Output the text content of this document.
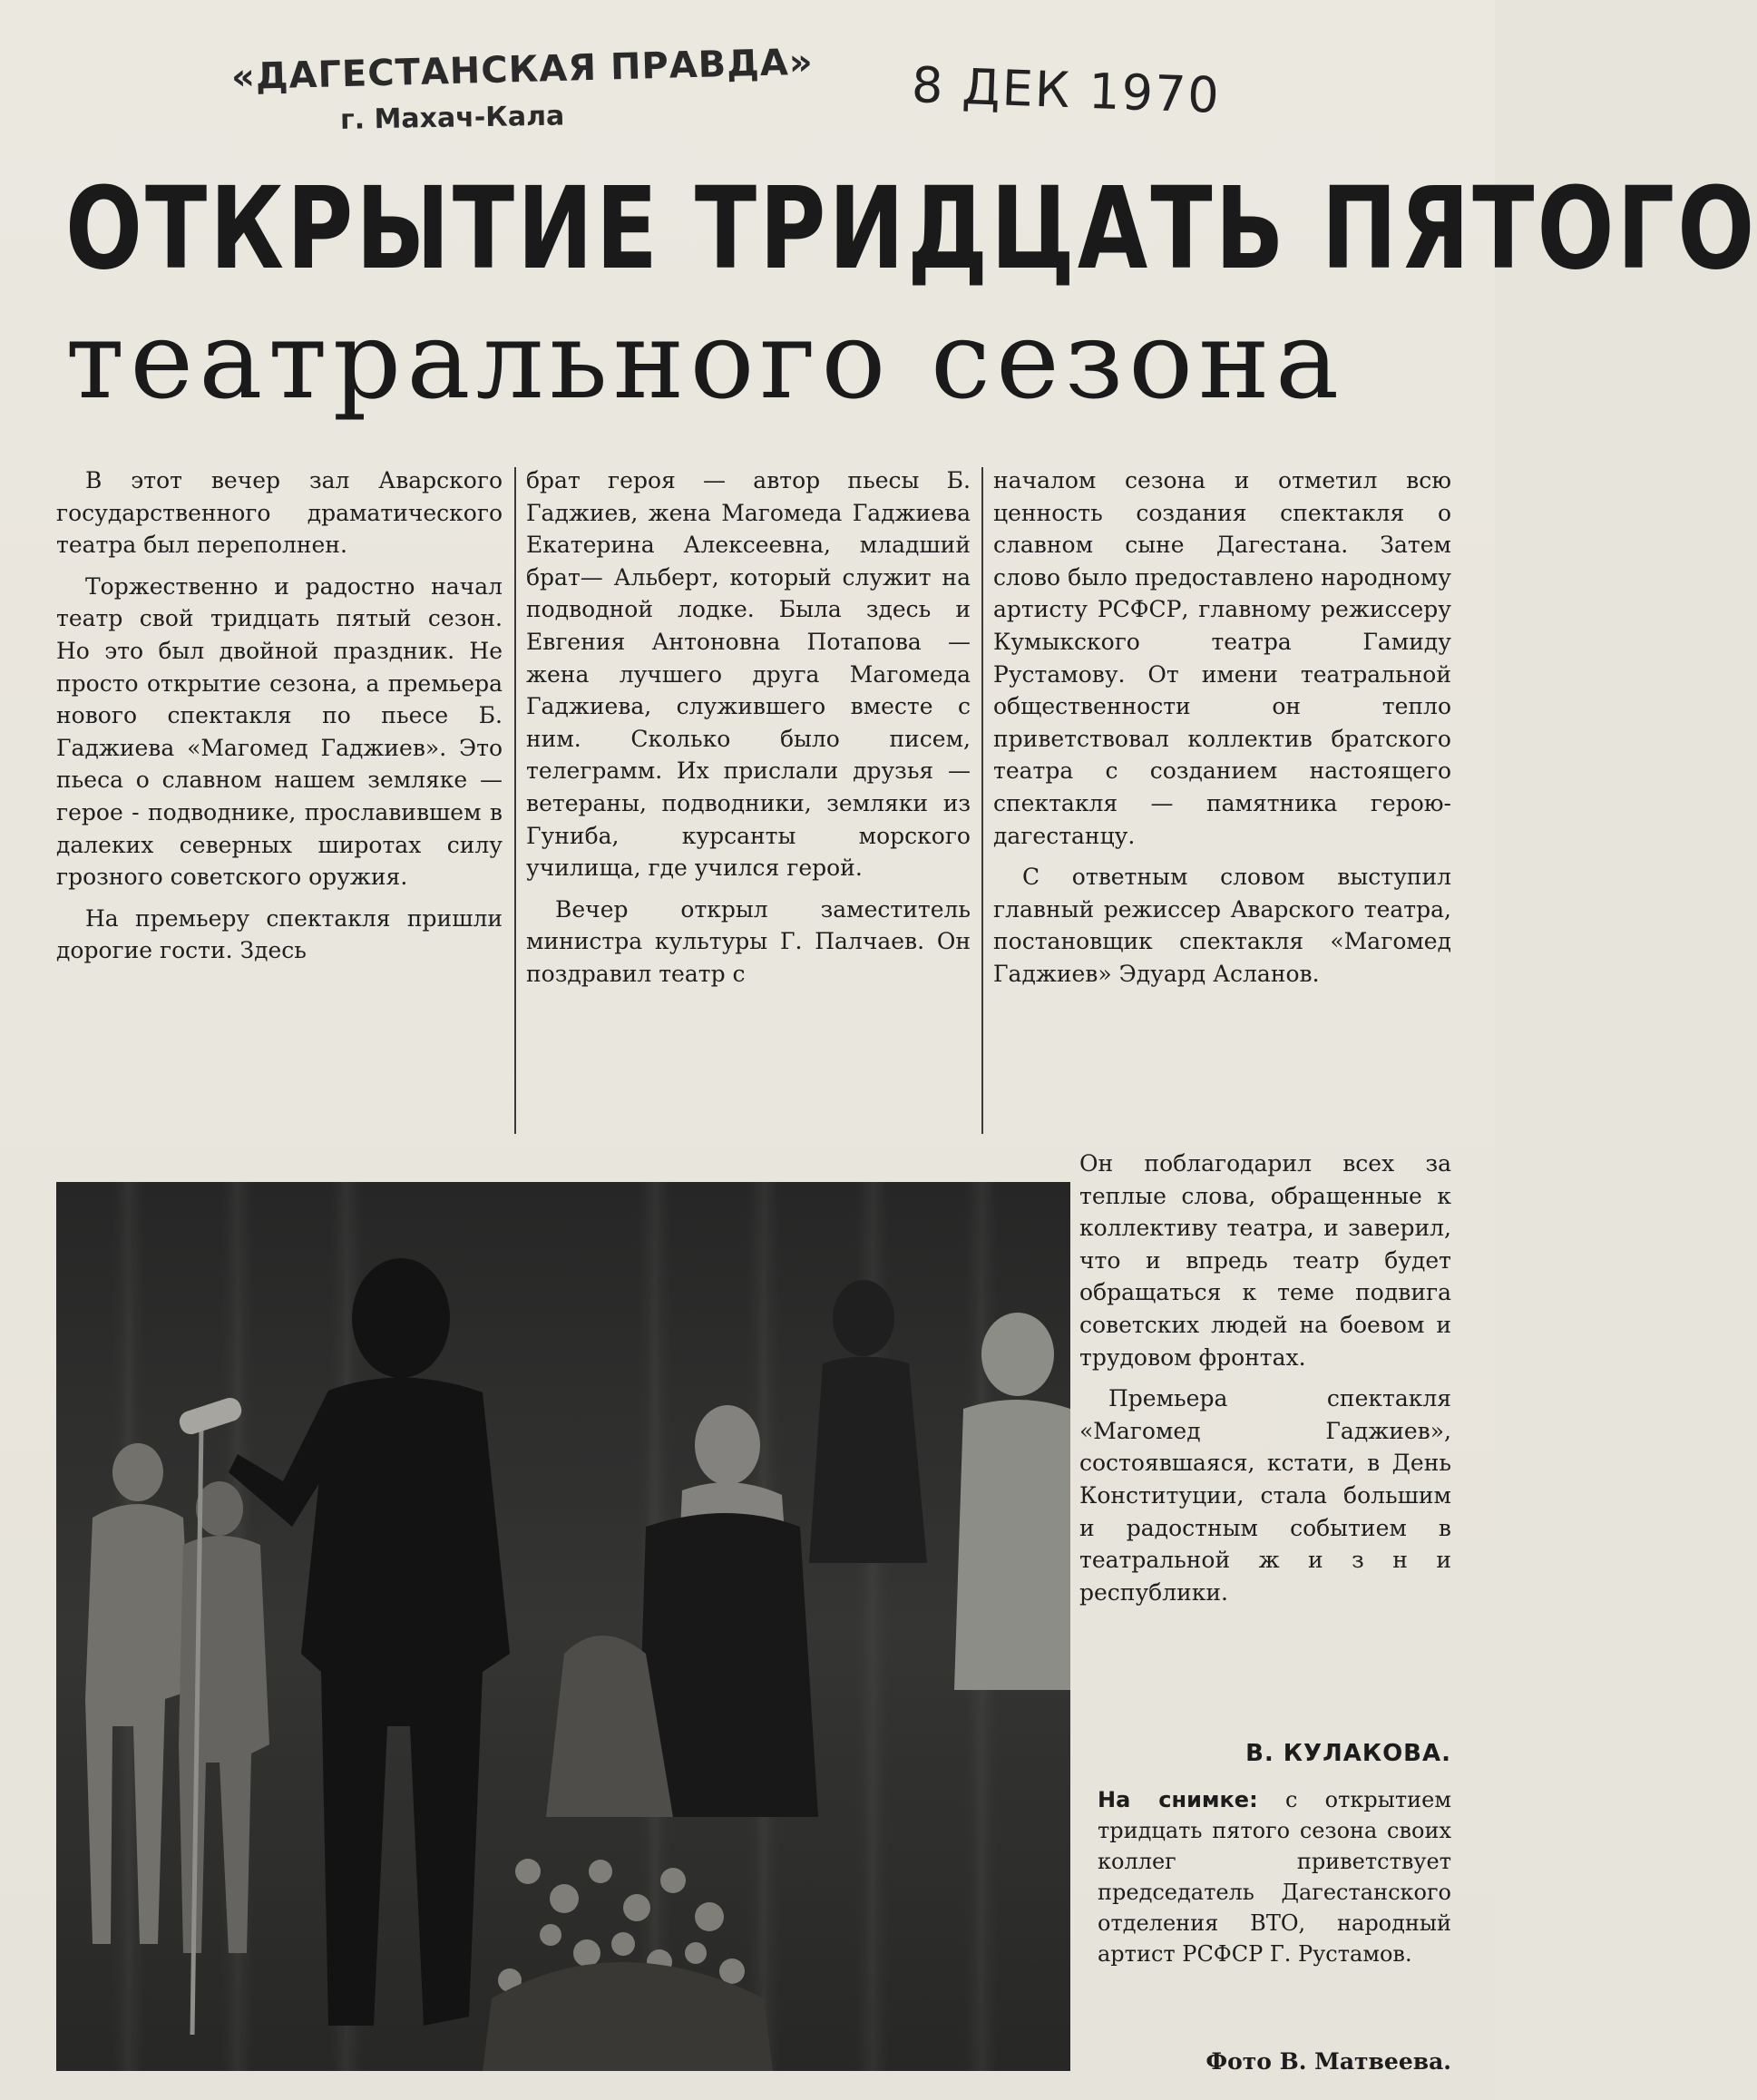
«ДАГЕСТАНСКАЯ ПРАВДА»
г. Махач-Кала	8 ДЕК 1970
ОТКРЫТИЕ ТРИДЦАТЬ ПЯТОГО
театрального сезона

В этот вечер зал Аварского государственного драматического театра был переполнен.

Торжественно и радостно начал театр свой тридцать пятый сезон. Но это был двойной праздник. Не просто открытие сезона, а премьера нового спектакля по пьесе Б. Гаджиева «Магомед Гаджиев». Это пьеса о славном нашем земляке — герое - подводнике, прославившем в далеких северных широтах силу грозного советского оружия.

На премьеру спектакля пришли дорогие гости. Здесь

брат героя — автор пьесы Б. Гаджиев, жена Магомеда Гаджиева Екатерина Алексеевна, младший брат— Альберт, который служит на подводной лодке. Была здесь и Евгения Антоновна Потапова — жена лучшего друга Магомеда Гаджиева, служившего вместе с ним. Сколько было писем, телеграмм. Их прислали друзья — ветераны, подводники, земляки из Гуниба, курсанты морского училища, где учился герой.

Вечер открыл заместитель министра культуры Г. Палчаев. Он поздравил театр с

началом сезона и отметил всю ценность создания спектакля о славном сыне Дагестана. Затем слово было предоставлено народному артисту РСФСР, главному режиссеру Кумыкского театра Гамиду Рустамову. От имени театральной общественности он тепло приветствовал коллектив братского театра с созданием настоящего спектакля — памятника герою-дагестанцу.

С ответным словом выступил главный режиссер Аварского театра, постановщик спектакля «Магомед Гаджиев» Эдуард Асланов.

Он поблагодарил всех за теплые слова, обращенные к коллективу театра, и заверил, что и впредь театр будет обращаться к теме подвига советских людей на боевом и трудовом фронтах.

Премьера спектакля «Магомед Гаджиев», состоявшаяся, кстати, в День Конституции, стала большим и радостным событием в театральной ж и з н и республики.

В. КУЛАКОВА.
На снимке: с открытием тридцать пятого сезона своих коллег приветствует председатель Дагестанского отделения ВТО, народный артист РСФСР Г. Рустамов.
Фото В. Матвеева.
